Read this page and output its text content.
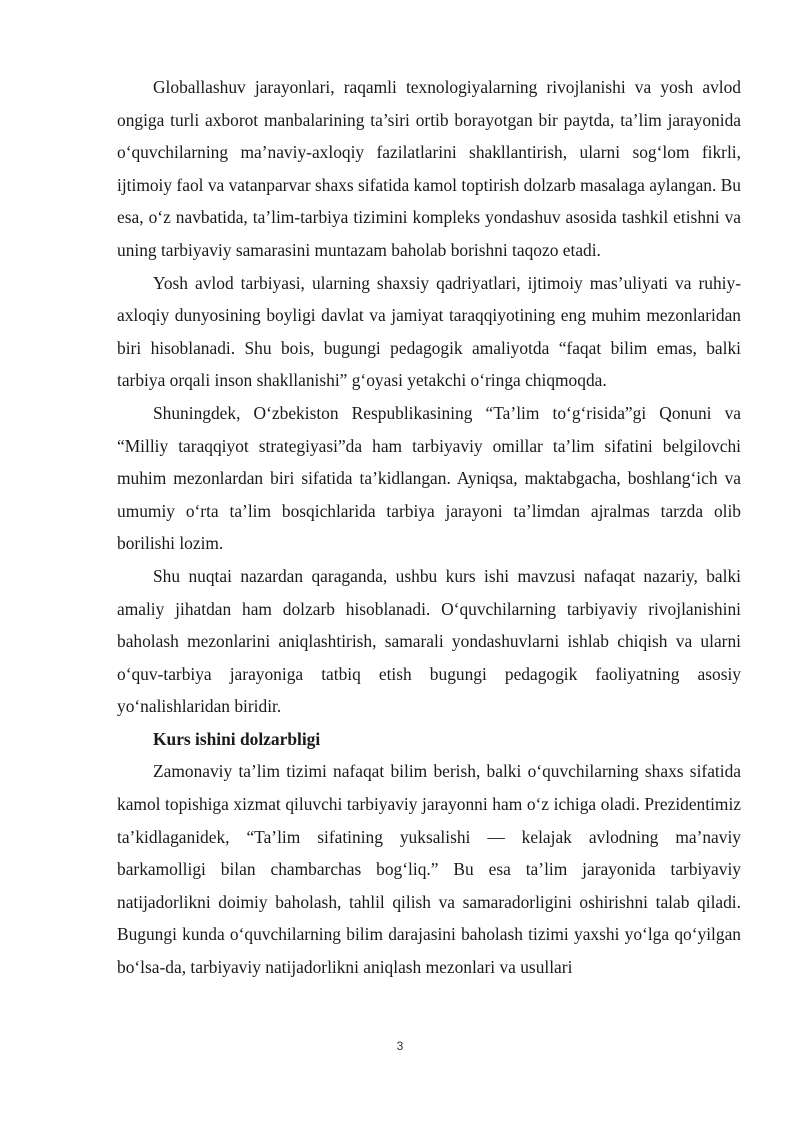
Globallashuv jarayonlari, raqamli texnologiyalarning rivojlanishi va yosh avlod ongiga turli axborot manbalarining ta’siri ortib borayotgan bir paytda, ta’lim jarayonida o‘quvchilarning ma’naviy-axloqiy fazilatlarini shakllantirish, ularni sog‘lom fikrli, ijtimoiy faol va vatanparvar shaxs sifatida kamol toptirish dolzarb masalaga aylangan. Bu esa, o‘z navbatida, ta’lim-tarbiya tizimini kompleks yondashuv asosida tashkil etishni va uning tarbiyaviy samarasini muntazam baholab borishni taqozo etadi.

Yosh avlod tarbiyasi, ularning shaxsiy qadriyatlari, ijtimoiy mas’uliyati va ruhiy-axloqiy dunyosining boyligi davlat va jamiyat taraqqiyotining eng muhim mezonlaridan biri hisoblanadi. Shu bois, bugungi pedagogik amaliyotda “faqat bilim emas, balki tarbiya orqali inson shakllanishi” g‘oyasi yetakchi o‘ringa chiqmoqda.

Shuningdek, O‘zbekiston Respublikasining “Ta’lim to‘g‘risida”gi Qonuni va “Milliy taraqqiyot strategiyasi”da ham tarbiyaviy omillar ta’lim sifatini belgilovchi muhim mezonlardan biri sifatida ta’kidlangan. Ayniqsa, maktabgacha, boshlang‘ich va umumiy o‘rta ta’lim bosqichlarida tarbiya jarayoni ta’limdan ajralmas tarzda olib borilishi lozim.

Shu nuqtai nazardan qaraganda, ushbu kurs ishi mavzusi nafaqat nazariy, balki amaliy jihatdan ham dolzarb hisoblanadi. O‘quvchilarning tarbiyaviy rivojlanishini baholash mezonlarini aniqlashtirish, samarali yondashuvlarni ishlab chiqish va ularni o‘quv-tarbiya jarayoniga tatbiq etish bugungi pedagogik faoliyatning asosiy yo‘nalishlaridan biridir.

Kurs ishini dolzarbligi

Zamonaviy ta’lim tizimi nafaqat bilim berish, balki o‘quvchilarning shaxs sifatida kamol topishiga xizmat qiluvchi tarbiyaviy jarayonni ham o‘z ichiga oladi. Prezidentimiz ta’kidlaganidek, “Ta’lim sifatining yuksalishi — kelajak avlodning ma’naviy barkamolligi bilan chambarchas bog‘liq.” Bu esa ta’lim jarayonida tarbiyaviy natijadorlikni doimiy baholash, tahlil qilish va samaradorligini oshirishni talab qiladi. Bugungi kunda o‘quvchilarning bilim darajasini baholash tizimi yaxshi yo‘lga qo‘yilgan bo‘lsa-da, tarbiyaviy natijadorlikni aniqlash mezonlari va usullari

3
